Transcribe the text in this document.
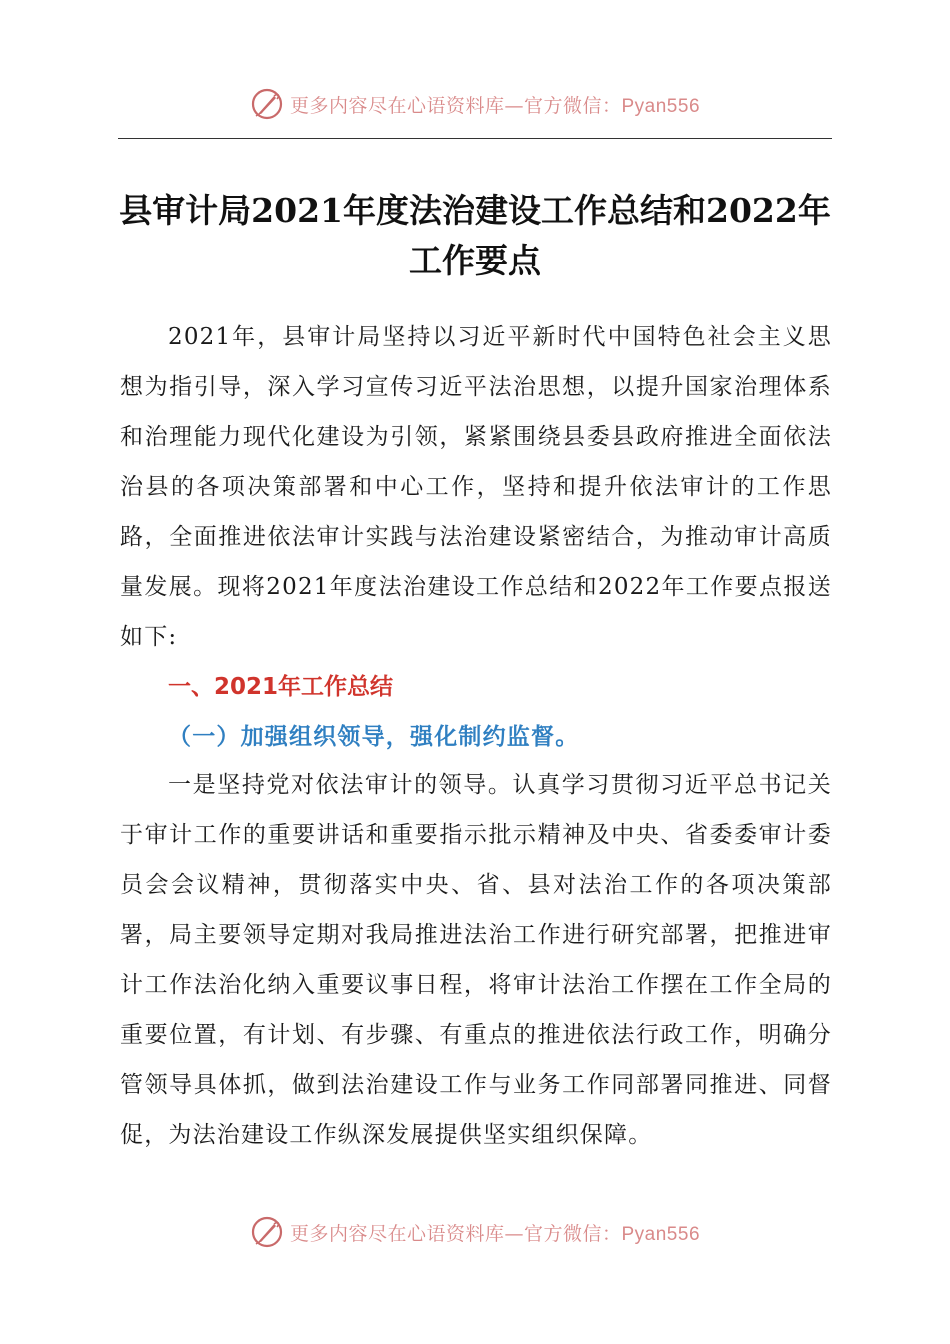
更多内容尽在心语资料库—官方微信：Pyan556
县审计局2021年度法治建设工作总结和2022年工作要点

2021年，县审计局坚持以习近平新时代中国特色社会主义思想为指引导，深入学习宣传习近平法治思想，以提升国家治理体系和治理能力现代化建设为引领，紧紧围绕县委县政府推进全面依法治县的各项决策部署和中心工作，坚持和提升依法审计的工作思路，全面推进依法审计实践与法治建设紧密结合，为推动审计高质量发展。现将2021年度法治建设工作总结和2022年工作要点报送如下:

一、2021年工作总结
（一）加强组织领导，强化制约监督。

一是坚持党对依法审计的领导。认真学习贯彻习近平总书记关于审计工作的重要讲话和重要指示批示精神及中央、省委委审计委员会会议精神，贯彻落实中央、省、县对法治工作的各项决策部署，局主要领导定期对我局推进法治工作进行研究部署，把推进审计工作法治化纳入重要议事日程，将审计法治工作摆在工作全局的重要位置，有计划、有步骤、有重点的推进依法行政工作，明确分管领导具体抓，做到法治建设工作与业务工作同部署同推进、同督促，为法治建设工作纵深发展提供坚实组织保障。

更多内容尽在心语资料库—官方微信：Pyan556
